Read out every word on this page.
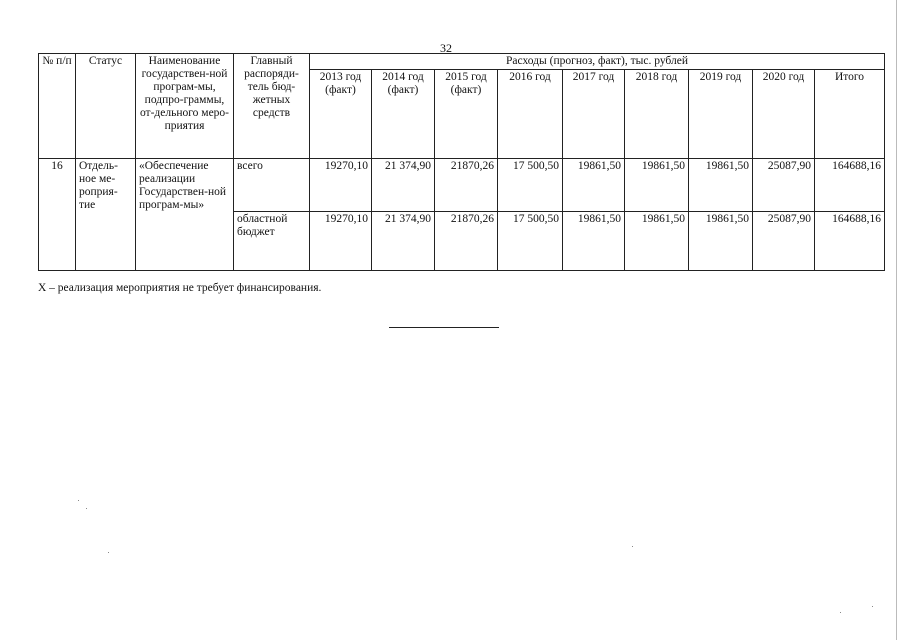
32
№ п/п	Статус	Наименование государствен-ной програм-мы, подпро-граммы, от-дельного меро-приятия	Главный распоряди-тель бюд-жетных средств	Расходы (прогноз, факт), тыс. рублей								
				2013 год (факт)	2014 год (факт)	2015 год (факт)	2016 год	2017 год	2018 год	2019 год	2020 год	Итого
16	Отдель-ное ме-роприя-тие	«Обеспечение реализации Государствен-ной програм-мы»	всего	19270,10	21 374,90	21870,26	17 500,50	19861,50	19861,50	19861,50	25087,90	164688,16
			областной бюджет	19270,10	21 374,90	21870,26	17 500,50	19861,50	19861,50	19861,50	25087,90	164688,16
Х – реализация мероприятия не требует финансирования.
